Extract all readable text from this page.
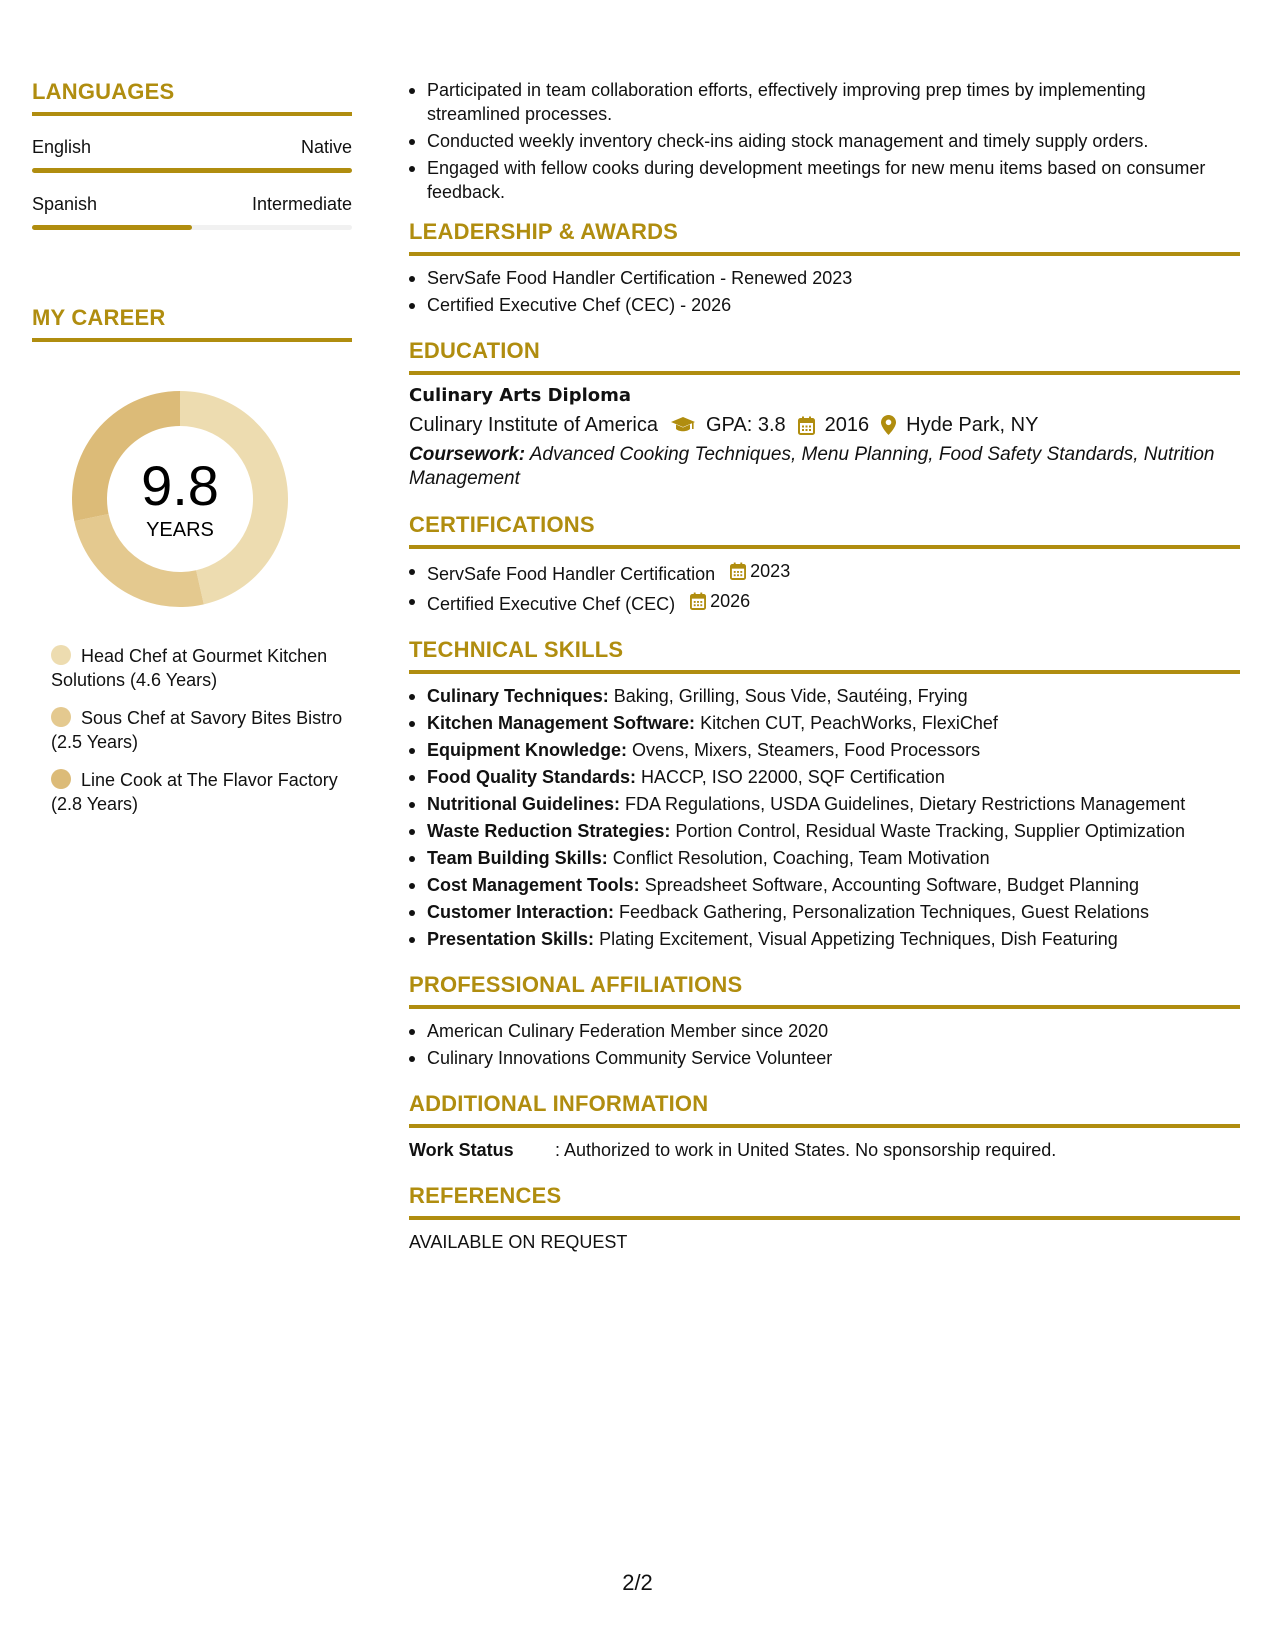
LANGUAGES
English	Native
Spanish	Intermediate
MY CAREER
9.8
YEARS
Head Chef at Gourmet Kitchen Solutions (4.6 Years)
Sous Chef at Savory Bites Bistro (2.5 Years)
Line Cook at The Flavor Factory (2.8 Years)
Participated in team collaboration efforts, effectively improving prep times by implementing streamlined processes.
Conducted weekly inventory check-ins aiding stock management and timely supply orders.
Engaged with fellow cooks during development meetings for new menu items based on consumer feedback.
LEADERSHIP & AWARDS
ServSafe Food Handler Certification - Renewed 2023
Certified Executive Chef (CEC) - 2026
EDUCATION
Culinary Arts Diploma
Culinary Institute of America GPA: 3.8 2016 Hyde Park, NY
Coursework: Advanced Cooking Techniques, Menu Planning, Food Safety Standards, Nutrition Management
CERTIFICATIONS
ServSafe Food Handler Certification 2023
Certified Executive Chef (CEC) 2026
TECHNICAL SKILLS
Culinary Techniques: Baking, Grilling, Sous Vide, Sautéing, Frying
Kitchen Management Software: Kitchen CUT, PeachWorks, FlexiChef
Equipment Knowledge: Ovens, Mixers, Steamers, Food Processors
Food Quality Standards: HACCP, ISO 22000, SQF Certification
Nutritional Guidelines: FDA Regulations, USDA Guidelines, Dietary Restrictions Management
Waste Reduction Strategies: Portion Control, Residual Waste Tracking, Supplier Optimization
Team Building Skills: Conflict Resolution, Coaching, Team Motivation
Cost Management Tools: Spreadsheet Software, Accounting Software, Budget Planning
Customer Interaction: Feedback Gathering, Personalization Techniques, Guest Relations
Presentation Skills: Plating Excitement, Visual Appetizing Techniques, Dish Featuring
PROFESSIONAL AFFILIATIONS
American Culinary Federation Member since 2020
Culinary Innovations Community Service Volunteer
ADDITIONAL INFORMATION
Work Status	: Authorized to work in United States. No sponsorship required.
REFERENCES
AVAILABLE ON REQUEST
2/2
